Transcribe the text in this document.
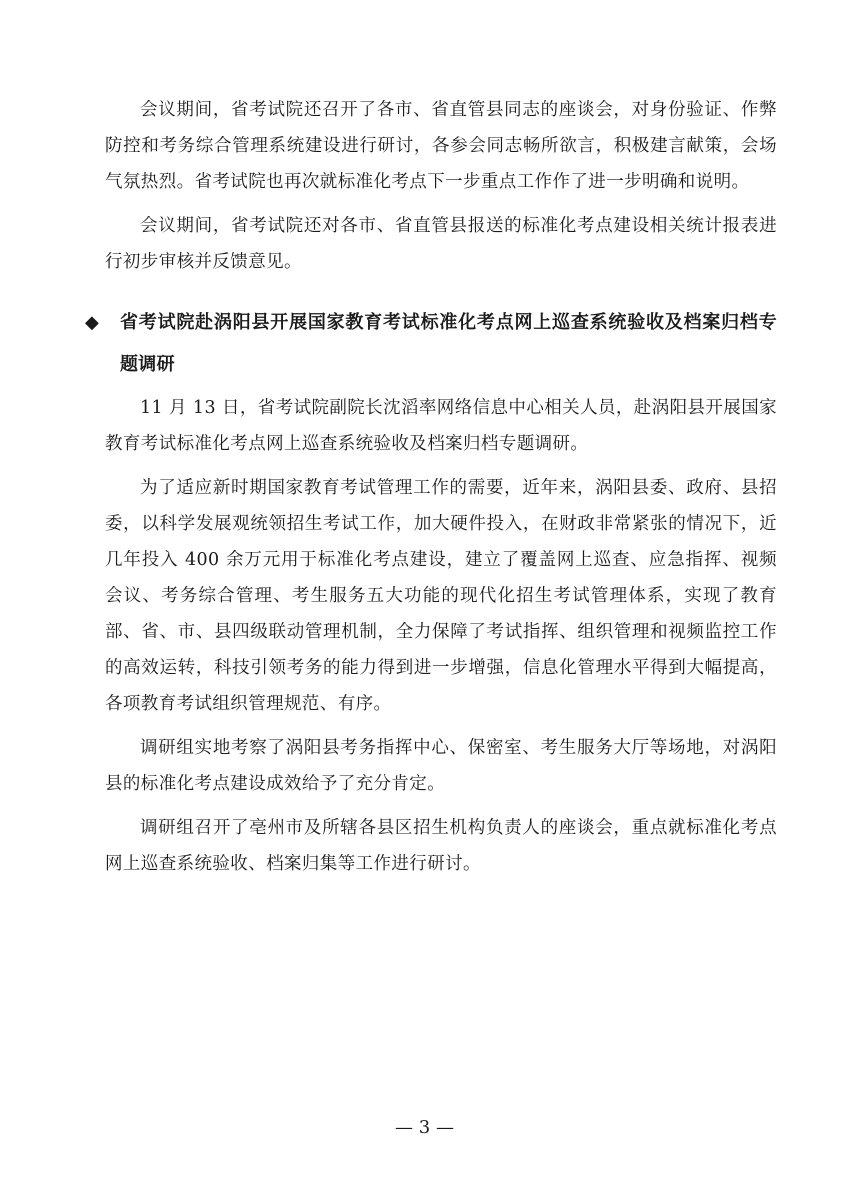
会议期间，省考试院还召开了各市、省直管县同志的座谈会，对身份验证、作弊防控和考务综合管理系统建设进行研讨，各参会同志畅所欲言，积极建言献策，会场气氛热烈。省考试院也再次就标准化考点下一步重点工作作了进一步明确和说明。

会议期间，省考试院还对各市、省直管县报送的标准化考点建设相关统计报表进行初步审核并反馈意见。

◆ 省考试院赴涡阳县开展国家教育考试标准化考点网上巡查系统验收及档案归档专题调研

11 月 13 日，省考试院副院长沈滔率网络信息中心相关人员，赴涡阳县开展国家教育考试标准化考点网上巡查系统验收及档案归档专题调研。

为了适应新时期国家教育考试管理工作的需要，近年来，涡阳县委、政府、县招委，以科学发展观统领招生考试工作，加大硬件投入，在财政非常紧张的情况下，近几年投入 400 余万元用于标准化考点建设，建立了覆盖网上巡查、应急指挥、视频会议、考务综合管理、考生服务五大功能的现代化招生考试管理体系，实现了教育部、省、市、县四级联动管理机制，全力保障了考试指挥、组织管理和视频监控工作的高效运转，科技引领考务的能力得到进一步增强，信息化管理水平得到大幅提高，各项教育考试组织管理规范、有序。

调研组实地考察了涡阳县考务指挥中心、保密室、考生服务大厅等场地，对涡阳县的标准化考点建设成效给予了充分肯定。

调研组召开了亳州市及所辖各县区招生机构负责人的座谈会，重点就标准化考点网上巡查系统验收、档案归集等工作进行研讨。

— 3 —
